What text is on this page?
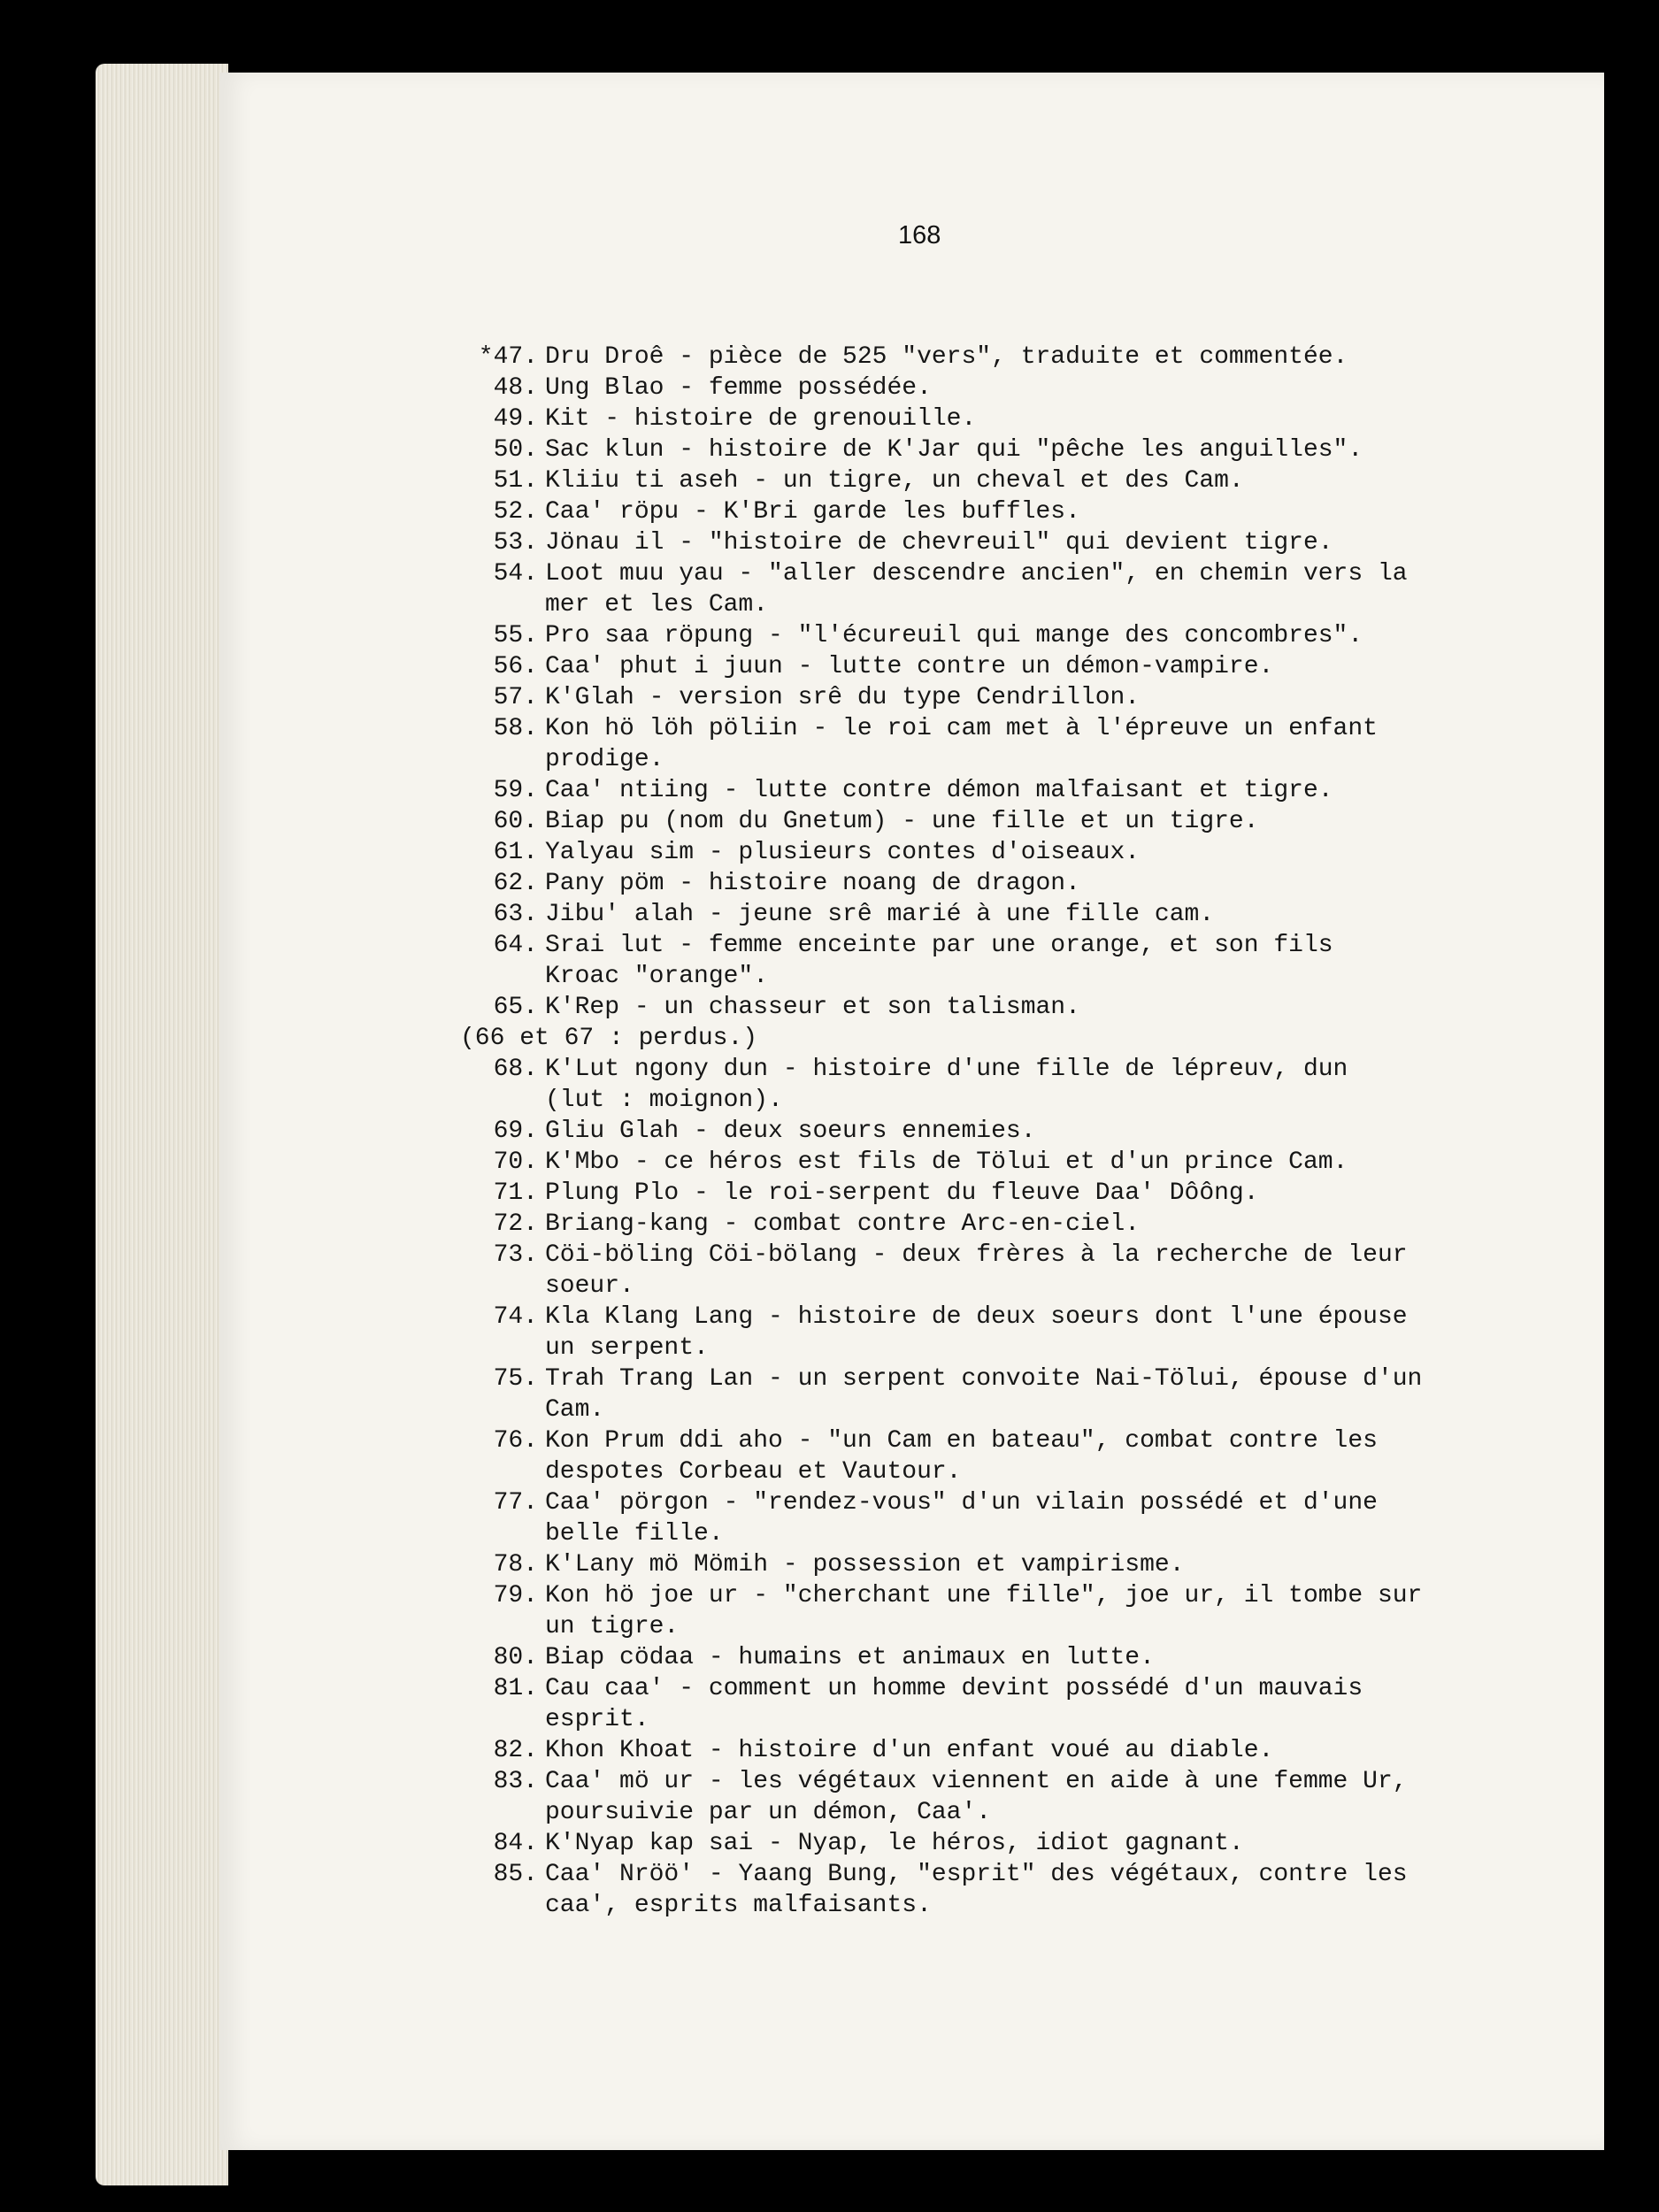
168
*47. Dru Droê - pièce de 525 "vers", traduite et commentée.
48. Ung Blao - femme possédée.
49. Kit - histoire de grenouille.
50. Sac klun - histoire de K'Jar qui "pêche les anguilles".
51. Kliiu ti aseh - un tigre, un cheval et des Cam.
52. Caa' röpu - K'Bri garde les buffles.
53. Jönau il - "histoire de chevreuil" qui devient tigre.
54. Loot muu yau - "aller descendre ancien", en chemin vers la
mer et les Cam.
55. Pro saa röpung - "l'écureuil qui mange des concombres".
56. Caa' phut i juun - lutte contre un démon-vampire.
57. K'Glah - version srê du type Cendrillon.
58. Kon hö löh pöliin - le roi cam met à l'épreuve un enfant
prodige.
59. Caa' ntiing - lutte contre démon malfaisant et tigre.
60. Biap pu (nom du Gnetum) - une fille et un tigre.
61. Yalyau sim - plusieurs contes d'oiseaux.
62. Pany pöm - histoire noang de dragon.
63. Jibu' alah - jeune srê marié à une fille cam.
64. Srai lut - femme enceinte par une orange, et son fils
Kroac "orange".
65. K'Rep - un chasseur et son talisman.
(66 et 67 : perdus.)
68. K'Lut ngony dun - histoire d'une fille de lépreuv, dun
(lut : moignon).
69. Gliu Glah - deux soeurs ennemies.
70. K'Mbo - ce héros est fils de Tölui et d'un prince Cam.
71. Plung Plo - le roi-serpent du fleuve Daa' Dôông.
72. Briang-kang - combat contre Arc-en-ciel.
73. Cöi-böling Cöi-bölang - deux frères à la recherche de leur
soeur.
74. Kla Klang Lang - histoire de deux soeurs dont l'une épouse
un serpent.
75. Trah Trang Lan - un serpent convoite Nai-Tölui, épouse d'un
Cam.
76. Kon Prum ddi aho - "un Cam en bateau", combat contre les
despotes Corbeau et Vautour.
77. Caa' pörgon - "rendez-vous" d'un vilain possédé et d'une
belle fille.
78. K'Lany mö Mömih - possession et vampirisme.
79. Kon hö joe ur - "cherchant une fille", joe ur, il tombe sur
un tigre.
80. Biap cödaa - humains et animaux en lutte.
81. Cau caa' - comment un homme devint possédé d'un mauvais
esprit.
82. Khon Khoat - histoire d'un enfant voué au diable.
83. Caa' mö ur - les végétaux viennent en aide à une femme Ur,
poursuivie par un démon, Caa'.
84. K'Nyap kap sai - Nyap, le héros, idiot gagnant.
85. Caa' Nröö' - Yaang Bung, "esprit" des végétaux, contre les
caa', esprits malfaisants.
